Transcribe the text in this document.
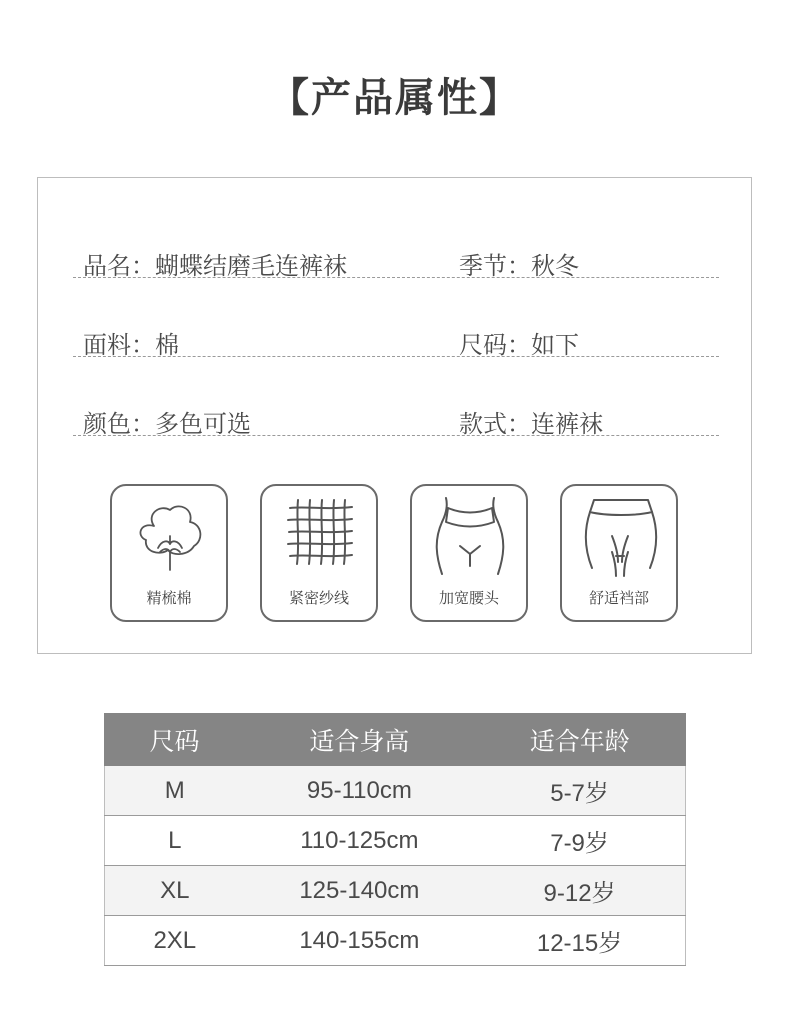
【产品属性】
品名：蝴蝶结磨毛连裤袜	季节：秋冬
面料：棉	尺码：如下
颜色：多色可选	款式：连裤袜
精梳棉	紧密纱线	加宽腰头	舒适裆部
尺码	适合身高	适合年龄
M	95-110cm	5-7岁
L	110-125cm	7-9岁
XL	125-140cm	9-12岁
2XL	140-155cm	12-15岁
